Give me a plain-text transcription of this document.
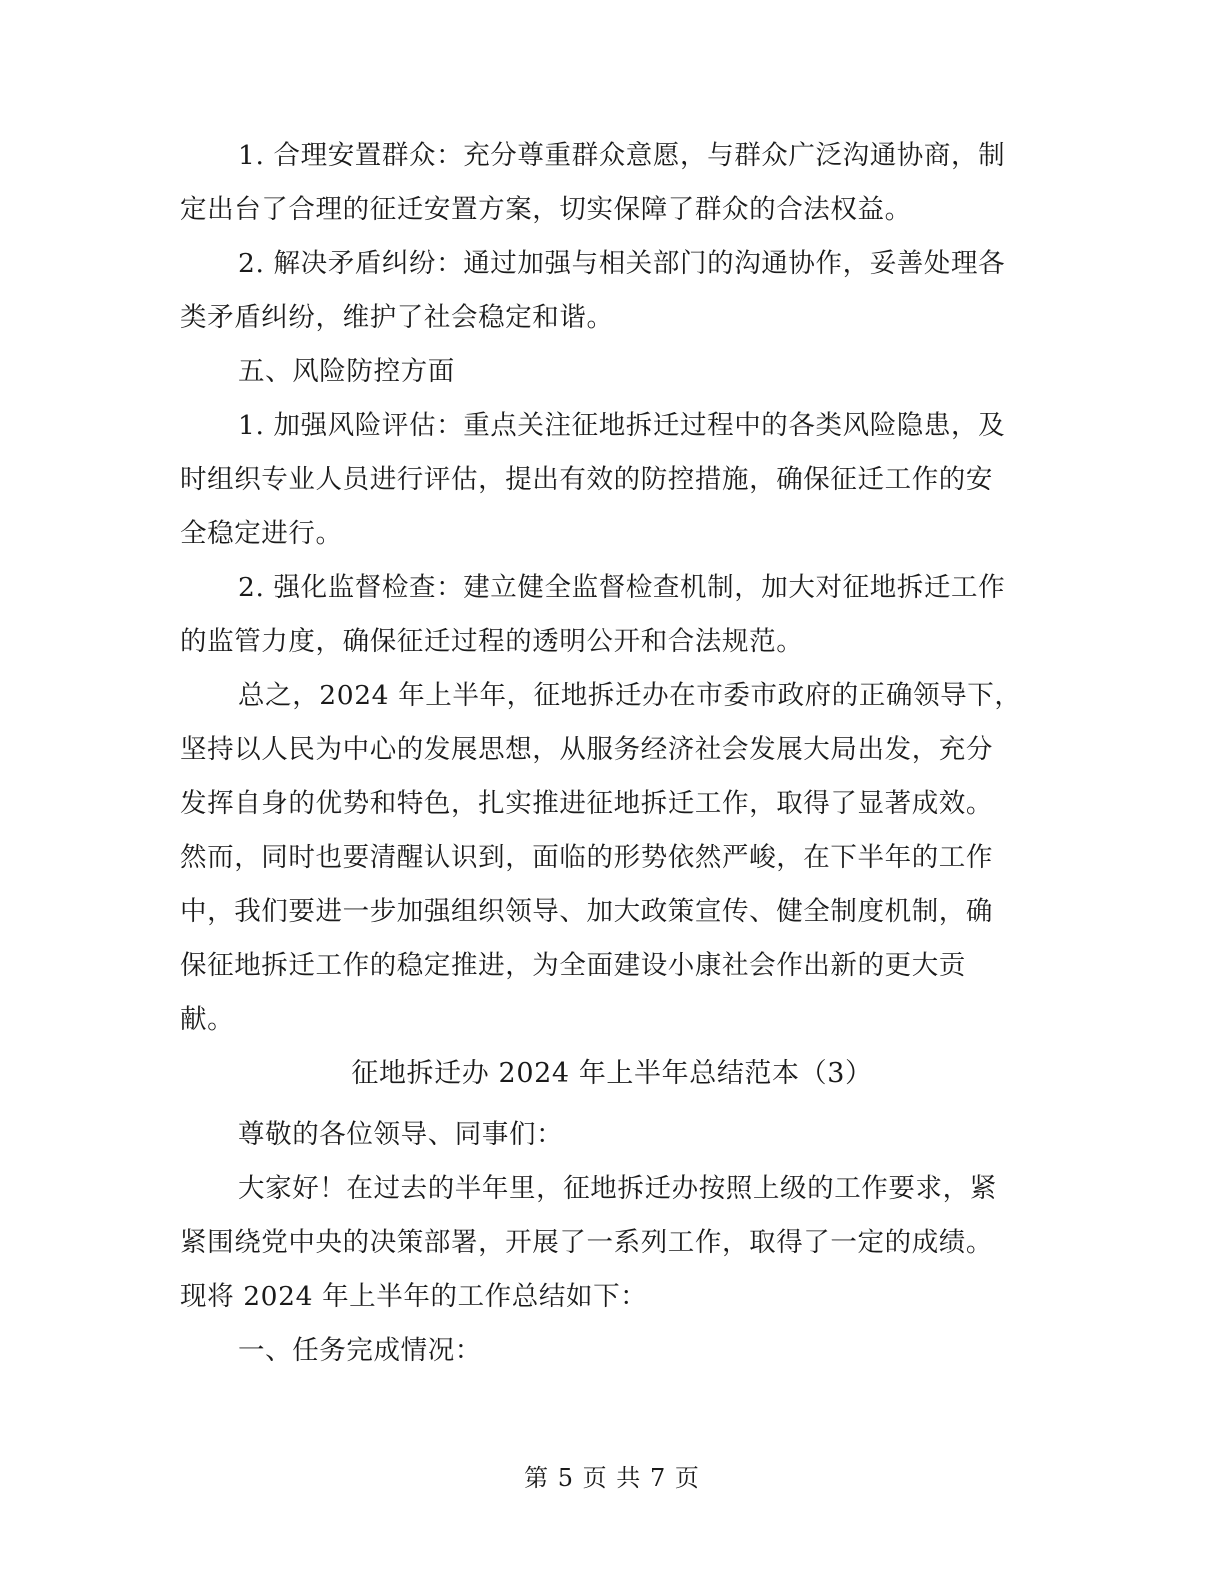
1. 合理安置群众：充分尊重群众意愿，与群众广泛沟通协商，制
定出台了合理的征迁安置方案，切实保障了群众的合法权益。
2. 解决矛盾纠纷：通过加强与相关部门的沟通协作，妥善处理各
类矛盾纠纷，维护了社会稳定和谐。
五、风险防控方面
1. 加强风险评估：重点关注征地拆迁过程中的各类风险隐患，及
时组织专业人员进行评估，提出有效的防控措施，确保征迁工作的安
全稳定进行。
2. 强化监督检查：建立健全监督检查机制，加大对征地拆迁工作
的监管力度，确保征迁过程的透明公开和合法规范。
总之，2024 年上半年，征地拆迁办在市委市政府的正确领导下，
坚持以人民为中心的发展思想，从服务经济社会发展大局出发，充分
发挥自身的优势和特色，扎实推进征地拆迁工作，取得了显著成效。
然而，同时也要清醒认识到，面临的形势依然严峻，在下半年的工作
中，我们要进一步加强组织领导、加大政策宣传、健全制度机制，确
保征地拆迁工作的稳定推进，为全面建设小康社会作出新的更大贡
献。
征地拆迁办 2024 年上半年总结范本（3）
尊敬的各位领导、同事们：
大家好！在过去的半年里，征地拆迁办按照上级的工作要求，紧
紧围绕党中央的决策部署，开展了一系列工作，取得了一定的成绩。
现将 2024 年上半年的工作总结如下：
一、任务完成情况：
第 5 页 共 7 页
